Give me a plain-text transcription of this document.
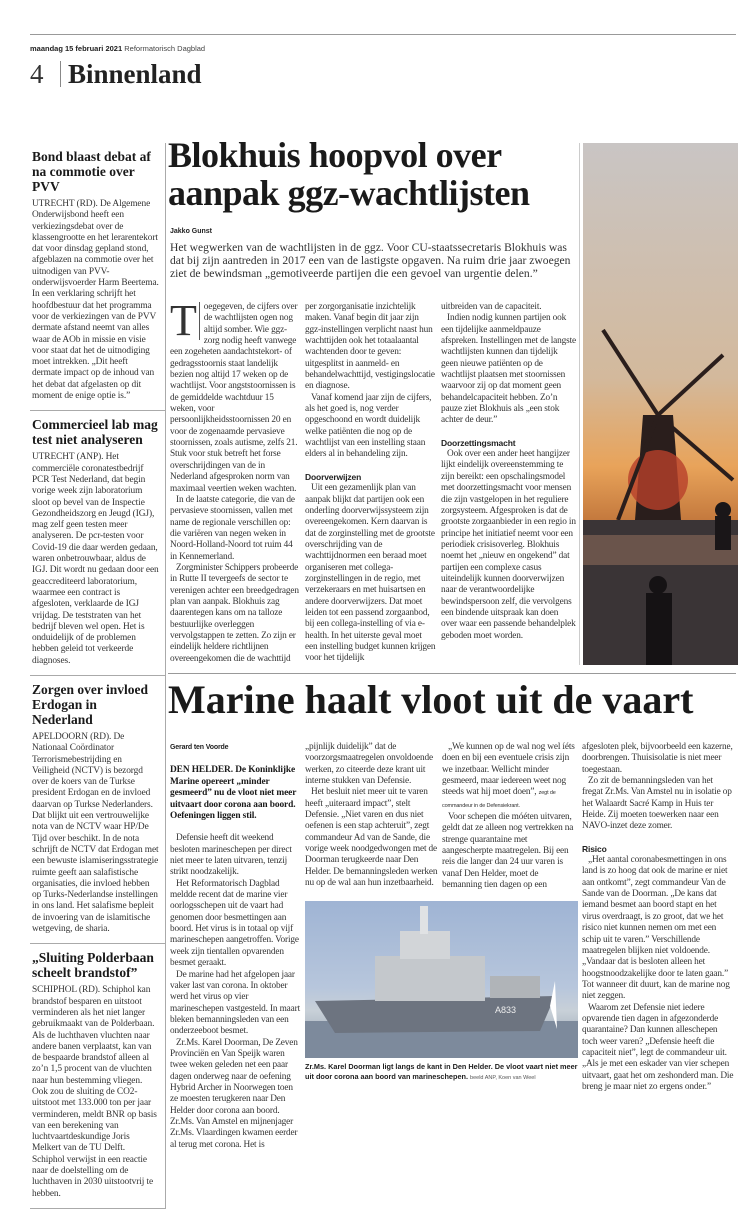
maandag 15 februari 2021 Reformatorisch Dagblad
4 Binnenland
Bond blaast debat af na commotie over PVV

UTRECHT (RD). De Algemene Onderwijsbond heeft een verkiezingsdebat over de klassengrootte en het lerarentekort dat voor dinsdag gepland stond, afgeblazen na commotie over het uitnodigen van PVV-onderwijsvoerder Harm Beertema. In een verklaring schrijft het hoofdbestuur dat het programma voor de verkiezingen van de PVV dermate afstand neemt van alles waar de AOb in missie en visie voor staat dat het de uitnodiging moet intrekken. „Dit heeft dermate impact op de inhoud van het debat dat afgelasten op dit moment de enige optie is.”

Commercieel lab mag test niet analyseren

UTRECHT (ANP). Het commerciële coronatestbedrijf PCR Test Nederland, dat begin vorige week zijn laboratorium sloot op bevel van de Inspectie Gezondheidszorg en Jeugd (IGJ), mag zelf geen testen meer analyseren. De pcr-testen voor Covid-19 die daar werden gedaan, waren onbetrouwbaar, aldus de IGJ. Dit wordt nu gedaan door een geaccrediteerd laboratorium, waarmee een contract is afgesloten, verklaarde de IGJ vrijdag. De teststraten van het bedrijf bleven wel open. Het is onduidelijk of de problemen hebben geleid tot verkeerde diagnoses.

Zorgen over invloed Erdogan in Nederland

APELDOORN (RD). De Nationaal Coördinator Terrorismebestrijding en Veiligheid (NCTV) is bezorgd over de koers van de Turkse president Erdogan en de invloed daarvan op Turkse Nederlanders. Dat blijkt uit een vertrouwelijke nota van de NCTV waar HP/De Tijd over beschikt. In de nota schrijft de NCTV dat Erdogan met een bewuste islamiseringsstrategie ruimte geeft aan salafistische organisaties, die invloed hebben op Turks-Nederlandse instellingen in ons land. Het salafisme bepleit de invoering van de islamitische wetgeving, de sharia.

„Sluiting Polderbaan scheelt brandstof”

SCHIPHOL (RD). Schiphol kan brandstof besparen en uitstoot verminderen als het niet langer gebruikmaakt van de Polderbaan. Als de luchthaven vluchten naar andere banen verplaatst, kan van de bespaarde brandstof alleen al zo’n 1,5 procent van de vluchten naar hun bestemming vliegen. Ook zou de sluiting de CO2-uitstoot met 133.000 ton per jaar verminderen, meldt BNR op basis van een berekening van luchtvaartdeskundige Joris Melkert van de TU Delft. Schiphol verwijst in een reactie naar de doelstelling om de luchthaven in 2030 uitstootvrij te hebben.

Blokhuis hoopvol over aanpak ggz-wachtlijsten
Jakko Gunst
Het wegwerken van de wachtlijsten in de ggz. Voor CU-staatssecretaris Blokhuis was dat bij zijn aantreden in 2017 een van de lastigste opgaven. Na ruim drie jaar zwoegen ziet de bewindsman „gemotiveerde partijen die een gevoel van urgentie delen.”
T oegegeven, de cijfers over de wachtlijsten ogen nog altijd somber. Wie ggz-zorg nodig heeft vanwege een zogeheten aandachtstekort- of gedragsstoornis staat landelijk bezien nog altijd 17 weken op de wachtlijst. Voor angststoornissen is de gemiddelde wachtduur 15 weken, voor persoonlijkheidsstoornissen 20 en voor de zogenaamde pervasieve stoornissen, zoals autisme, zelfs 21. Stuk voor stuk betreft het forse overschrijdingen van de in Nederland afgesproken norm van maximaal veertien weken wachten.

In de laatste categorie, die van de pervasieve stoornissen, vallen met name de regionale verschillen op: die variëren van negen weken in Noord-Holland-Noord tot ruim 44 in Kennemerland.

Zorgminister Schippers probeerde in Rutte II tevergeefs de sector te verenigen achter een breedgedragen plan van aanpak. Blokhuis zag daarentegen kans om na talloze bestuurlijke overleggen vervolgstappen te zetten. Zo zijn er eindelijk heldere richtlijnen overeengekomen die de wachttijd

per zorgorganisatie inzichtelijk maken. Vanaf begin dit jaar zijn ggz-instellingen verplicht naast hun wachttijden ook het totaalaantal wachtenden door te geven: uitgesplitst in aanmeld- en behandelwachttijd, vestigingslocatie en diagnose.

Vanaf komend jaar zijn de cijfers, als het goed is, nog verder opgeschoond en wordt duidelijk welke patiënten die nog op de wachtlijst van een instelling staan elders al in behandeling zijn.

Doorverwijzen

Uit een gezamenlijk plan van aanpak blijkt dat partijen ook een onderling doorverwijssysteem zijn overeengekomen. Kern daarvan is dat de zorginstelling met de grootste overschrijding van de wachttijdnormen een beraad moet organiseren met collega-zorginstellingen in de regio, met verzekeraars en met huisartsen en andere doorverwijzers. Dat moet leiden tot een passend zorgaanbod, bij een collega-instelling of via e-health. In het uiterste geval moet een instelling budget kunnen krijgen voor het tijdelijk

uitbreiden van de capaciteit.

Indien nodig kunnen partijen ook een tijdelijke aanmeldpauze afspreken. Instellingen met de langste wachtlijsten kunnen dan tijdelijk geen nieuwe patiënten op de wachtlijst plaatsen met stoornissen waarvoor zij op dat moment geen behandelcapaciteit hebben. Zo’n pauze ziet Blokhuis als „een stok achter de deur.”

Doorzettingsmacht

Ook over een ander heet hangijzer lijkt eindelijk overeenstemming te zijn bereikt: een opschalingsmodel met doorzettingsmacht voor mensen die zijn vastgelopen in het reguliere zorgsysteem. Afgesproken is dat de grootste zorgaanbieder in een regio in principe het initiatief neemt voor een periodiek crisisoverleg. Blokhuis noemt het „nieuw en ongekend” dat partijen een complexe casus uiteindelijk kunnen doorverwijzen naar de verantwoordelijke bewindspersoon zelf, die vervolgens een bindende uitspraak kan doen over waar een passende behandelplek geboden moet worden.

Marine haalt vloot uit de vaart
Gerard ten Voorde

DEN HELDER. De Koninklijke Marine opereert „minder gesmeerd” nu de vloot niet meer uitvaart door corona aan boord. Oefeningen liggen stil.

Defensie heeft dit weekend besloten marineschepen per direct niet meer te laten uitvaren, tenzij strikt noodzakelijk.

Het Reformatorisch Dagblad meldde recent dat de marine vier oorlogsschepen uit de vaart had genomen door besmettingen aan boord. Het virus is in totaal op vijf marineschepen aangetroffen. Vorige week zijn tientallen opvarenden besmet geraakt.

De marine had het afgelopen jaar vaker last van corona. In oktober werd het virus op vier marineschepen vastgesteld. In maart bleken bemanningsleden van een onderzeeboot besmet.

Zr.Ms. Karel Doorman, De Zeven Provinciën en Van Speijk waren twee weken geleden net een paar dagen onderweg naar de oefening Hybrid Archer in Noorwegen toen ze moesten terugkeren naar Den Helder door corona aan boord. Zr.Ms. Van Amstel en mijnenjager Zr.Ms. Vlaardingen kwamen eerder al terug met corona. Het is

„pijnlijk duidelijk” dat de voorzorgsmaatregelen onvoldoende werken, zo citeerde deze krant uit interne stukken van Defensie.

Het besluit niet meer uit te varen heeft „uiteraard impact”, stelt Defensie. „Niet varen en dus niet oefenen is een stap achteruit”, zegt commandeur Ad van de Sande, die vorige week noodgedwongen met de Doorman terugkeerde naar Den Helder. De bemanningsleden werken nu op de wal aan hun inzetbaarheid.

„We kunnen op de wal nog wel íéts doen en bij een eventuele crisis zijn we inzetbaar. Wellicht minder gesmeerd, maar iedereen weet nog steeds wat hij moet doen”, zegt de commandeur in de Defensiekrant.

Voor schepen die móéten uitvaren, geldt dat ze alleen nog vertrekken na strenge quarantaine met aangescherpte maatregelen. Bij een reis die langer dan 24 uur varen is vanaf Den Helder, moet de bemanning tien dagen op een

A833
Zr.Ms. Karel Doorman ligt langs de kant in Den Helder. De vloot vaart niet meer uit door corona aan boord van marineschepen. beeld ANP, Koen van Weel

afgesloten plek, bijvoorbeeld een kazerne, doorbrengen. Thuisisolatie is niet meer toegestaan.

Zo zit de bemanningsleden van het fregat Zr.Ms. Van Amstel nu in isolatie op het Walaardt Sacré Kamp in Huis ter Heide. Zij moeten toewerken naar een NAVO-inzet deze zomer.

Risico

„Het aantal coronabesmettingen in ons land is zo hoog dat ook de marine er niet aan ontkomt”, zegt commandeur Van de Sande van de Doorman. „De kans dat iemand besmet aan boord stapt en het virus overdraagt, is zo groot, dat we het risico niet kunnen nemen om met een schip uit te varen.” Verschillende maatregelen blijken niet voldoende. „Vandaar dat is besloten alleen het hoogstnoodzakelijke door te laten gaan.” Tot wanneer dit duurt, kan de marine nog niet zeggen.

Waarom zet Defensie niet iedere opvarende tien dagen in afgezonderde quarantaine? Dan kunnen alleschepen toch weer varen? „Defensie heeft die capaciteit niet”, legt de commandeur uit. „Als je met een eskader van vier schepen uitvaart, gaat het om zeshonderd man. Die breng je maar niet zo ergens onder.”
